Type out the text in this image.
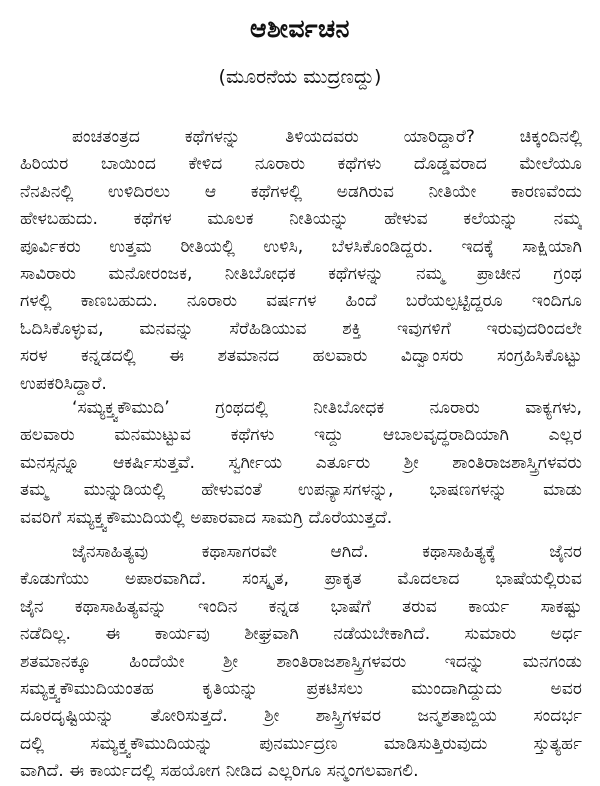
ಆಶೀರ್ವಚನ
(ಮೂರನೆಯ ಮುದ್ರಣದ್ದು)
ಪಂಚತಂತ್ರದ ಕಥೆಗಳನ್ನು ತಿಳಿಯದವರು ಯಾರಿದ್ದಾರೆ? ಚಿಕ್ಕಂದಿನಲ್ಲಿ
ಹಿರಿಯರ ಬಾಯಿಂದ ಕೇಳಿದ ನೂರಾರು ಕಥೆಗಳು ದೊಡ್ಡವರಾದ ಮೇಲೆಯೂ
ನೆನಪಿನಲ್ಲಿ ಉಳಿದಿರಲು ಆ ಕಥೆಗಳಲ್ಲಿ ಅಡಗಿರುವ ನೀತಿಯೇ ಕಾರಣವೆಂದು
ಹೇಳಬಹುದು. ಕಥೆಗಳ ಮೂಲಕ ನೀತಿಯನ್ನು ಹೇಳುವ ಕಲೆಯನ್ನು ನಮ್ಮ
ಪೂರ್ವಿಕರು ಉತ್ತಮ ರೀತಿಯಲ್ಲಿ ಉಳಿಸಿ, ಬೆಳಸಿಕೊಂಡಿದ್ದರು. ಇದಕ್ಕೆ ಸಾಕ್ಷಿಯಾಗಿ
ಸಾವಿರಾರು ಮನೋರಂಜಕ, ನೀತಿಬೋಧಕ ಕಥೆಗಳನ್ನು ನಮ್ಮ ಪ್ರಾಚೀನ ಗ್ರಂಥ
ಗಳಲ್ಲಿ ಕಾಣಬಹುದು. ನೂರಾರು ವರ್ಷಗಳ ಹಿಂದೆ ಬರೆಯಲ್ಪಟ್ಟಿದ್ದರೂ ಇಂದಿಗೂ
ಓದಿಸಿಕೊಳ್ಳುವ, ಮನವನ್ನು ಸೆರೆಹಿಡಿಯುವ ಶಕ್ತಿ ಇವುಗಳಿಗೆ ಇರುವುದರಿಂದಲೇ
ಸರಳ ಕನ್ನಡದಲ್ಲಿ ಈ ಶತಮಾನದ ಹಲವಾರು ವಿದ್ವಾಂಸರು ಸಂಗ್ರಹಿಸಿಕೊಟ್ಟು
ಉಪಕರಿಸಿದ್ದಾರೆ.
‘ಸಮ್ಯಕ್ತ್ವಕೌಮುದಿ’ ಗ್ರಂಥದಲ್ಲಿ ನೀತಿಬೋಧಕ ನೂರಾರು ವಾಕ್ಯಗಳು,
ಹಲವಾರು ಮನಮುಟ್ಟುವ ಕಥೆಗಳು ಇದ್ದು ಆಬಾಲವೃದ್ಧರಾದಿಯಾಗಿ ಎಲ್ಲರ
ಮನಸ್ಸನ್ನೂ ಆಕರ್ಷಿಸುತ್ತವೆ. ಸ್ವರ್ಗೀಯ ಎರ್ತೂರು ಶ್ರೀ ಶಾಂತಿರಾಜಶಾಸ್ತ್ರಿಗಳವರು
ತಮ್ಮ ಮುನ್ನುಡಿಯಲ್ಲಿ ಹೇಳುವಂತೆ ಉಪನ್ಯಾಸಗಳನ್ನು, ಭಾಷಣಗಳನ್ನು ಮಾಡು
ವವರಿಗೆ ಸಮ್ಯಕ್ತ್ವಕೌಮುದಿಯಲ್ಲಿ ಅಪಾರವಾದ ಸಾಮಗ್ರಿ ದೊರೆಯುತ್ತದೆ.
ಜೈನಸಾಹಿತ್ಯವು ಕಥಾಸಾಗರವೇ ಆಗಿದೆ. ಕಥಾಸಾಹಿತ್ಯಕ್ಕೆ ಜೈನರ
ಕೊಡುಗೆಯು ಅಪಾರವಾಗಿದೆ. ಸಂಸ್ಕೃತ, ಪ್ರಾಕೃತ ಮೊದಲಾದ ಭಾಷೆಯಲ್ಲಿರುವ
ಜೈನ ಕಥಾಸಾಹಿತ್ಯವನ್ನು ಇಂದಿನ ಕನ್ನಡ ಭಾಷೆಗೆ ತರುವ ಕಾರ್ಯ ಸಾಕಷ್ಟು
ನಡೆದಿಲ್ಲ. ಈ ಕಾರ್ಯವು ಶೀಘ್ರವಾಗಿ ನಡೆಯಬೇಕಾಗಿದೆ. ಸುಮಾರು ಅರ್ಧ
ಶತಮಾನಕ್ಕೂ ಹಿಂದೆಯೇ ಶ್ರೀ ಶಾಂತಿರಾಜಶಾಸ್ತ್ರಿಗಳವರು ಇದನ್ನು ಮನಗಂಡು
ಸಮ್ಯಕ್ತ್ವಕೌಮುದಿಯಂತಹ ಕೃತಿಯನ್ನು ಪ್ರಕಟಿಸಲು ಮುಂದಾಗಿದ್ದುದು ಅವರ
ದೂರದೃಷ್ಟಿಯನ್ನು ತೋರಿಸುತ್ತದೆ. ಶ್ರೀ ಶಾಸ್ತ್ರಿಗಳವರ ಜನ್ಮಶತಾಬ್ದಿಯ ಸಂದರ್ಭ
ದಲ್ಲಿ ಸಮ್ಯಕ್ತ್ವಕೌಮುದಿಯನ್ನು ಪುನರ್ಮುದ್ರಣ ಮಾಡಿಸುತ್ತಿರುವುದು ಸ್ತುತ್ಯರ್ಹ
ವಾಗಿದೆ. ಈ ಕಾರ್ಯದಲ್ಲಿ ಸಹಯೋಗ ನೀಡಿದ ಎಲ್ಲರಿಗೂ ಸನ್ಮಂಗಲವಾಗಲಿ.
